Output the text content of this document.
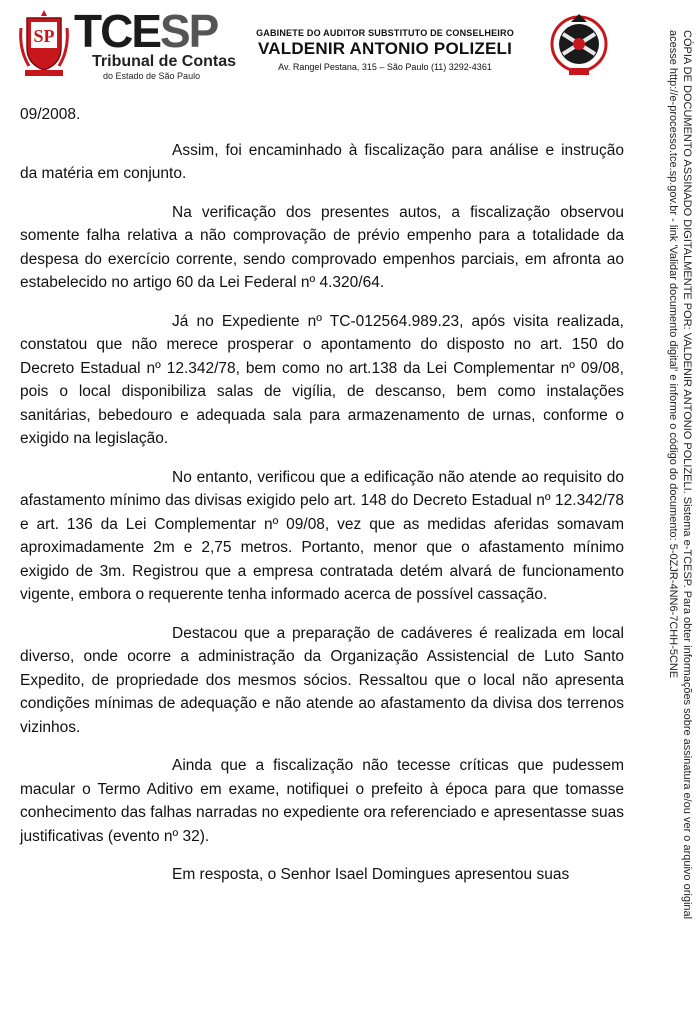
SP TCESP
Tribunal de Contas
do Estado de São Paulo
GABINETE DO AUDITOR SUBSTITUTO DE CONSELHEIRO
VALDENIR ANTONIO POLIZELI
Av. Rangel Pestana, 315 – São Paulo (11) 3292-4361	CÓPIA DE DOCUMENTO ASSINADO DIGITALMENTE POR: VALDENIR ANTONIO POLIZELI. Sistema e-TCESP. Para obter informações sobre assinatura e/ou ver o arquivo original

acesse http://e-processo.tce.sp.gov.br - link 'Validar documento digital' e informe o código do documento: 5-0ZJR-4NN6-7CHH-5CNE

09/2008.

Assim, foi encaminhado à fiscalização para análise e instrução da matéria em conjunto.

Na verificação dos presentes autos, a fiscalização observou somente falha relativa a não comprovação de prévio empenho para a totalidade da despesa do exercício corrente, sendo comprovado empenhos parciais, em afronta ao estabelecido no artigo 60 da Lei Federal nº 4.320/64.

Já no Expediente nº TC-012564.989.23, após visita realizada, constatou que não merece prosperar o apontamento do disposto no art. 150 do Decreto Estadual nº 12.342/78, bem como no art.138 da Lei Complementar nº 09/08, pois o local disponibiliza salas de vigília, de descanso, bem como instalações sanitárias, bebedouro e adequada sala para armazenamento de urnas, conforme o exigido na legislação.

No entanto, verificou que a edificação não atende ao requisito do afastamento mínimo das divisas exigido pelo art. 148 do Decreto Estadual nº 12.342/78 e art. 136 da Lei Complementar nº 09/08, vez que as medidas aferidas somavam aproximadamente 2m e 2,75 metros. Portanto, menor que o afastamento mínimo exigido de 3m. Registrou que a empresa contratada detém alvará de funcionamento vigente, embora o requerente tenha informado acerca de possível cassação.

Destacou que a preparação de cadáveres é realizada em local diverso, onde ocorre a administração da Organização Assistencial de Luto Santo Expedito, de propriedade dos mesmos sócios. Ressaltou que o local não apresenta condições mínimas de adequação e não atende ao afastamento da divisa dos terrenos vizinhos.

Ainda que a fiscalização não tecesse críticas que pudessem macular o Termo Aditivo em exame, notifiquei o prefeito à época para que tomasse conhecimento das falhas narradas no expediente ora referenciado e apresentasse suas justificativas (evento nº 32).

Em resposta, o Senhor Isael Domingues apresentou suas
